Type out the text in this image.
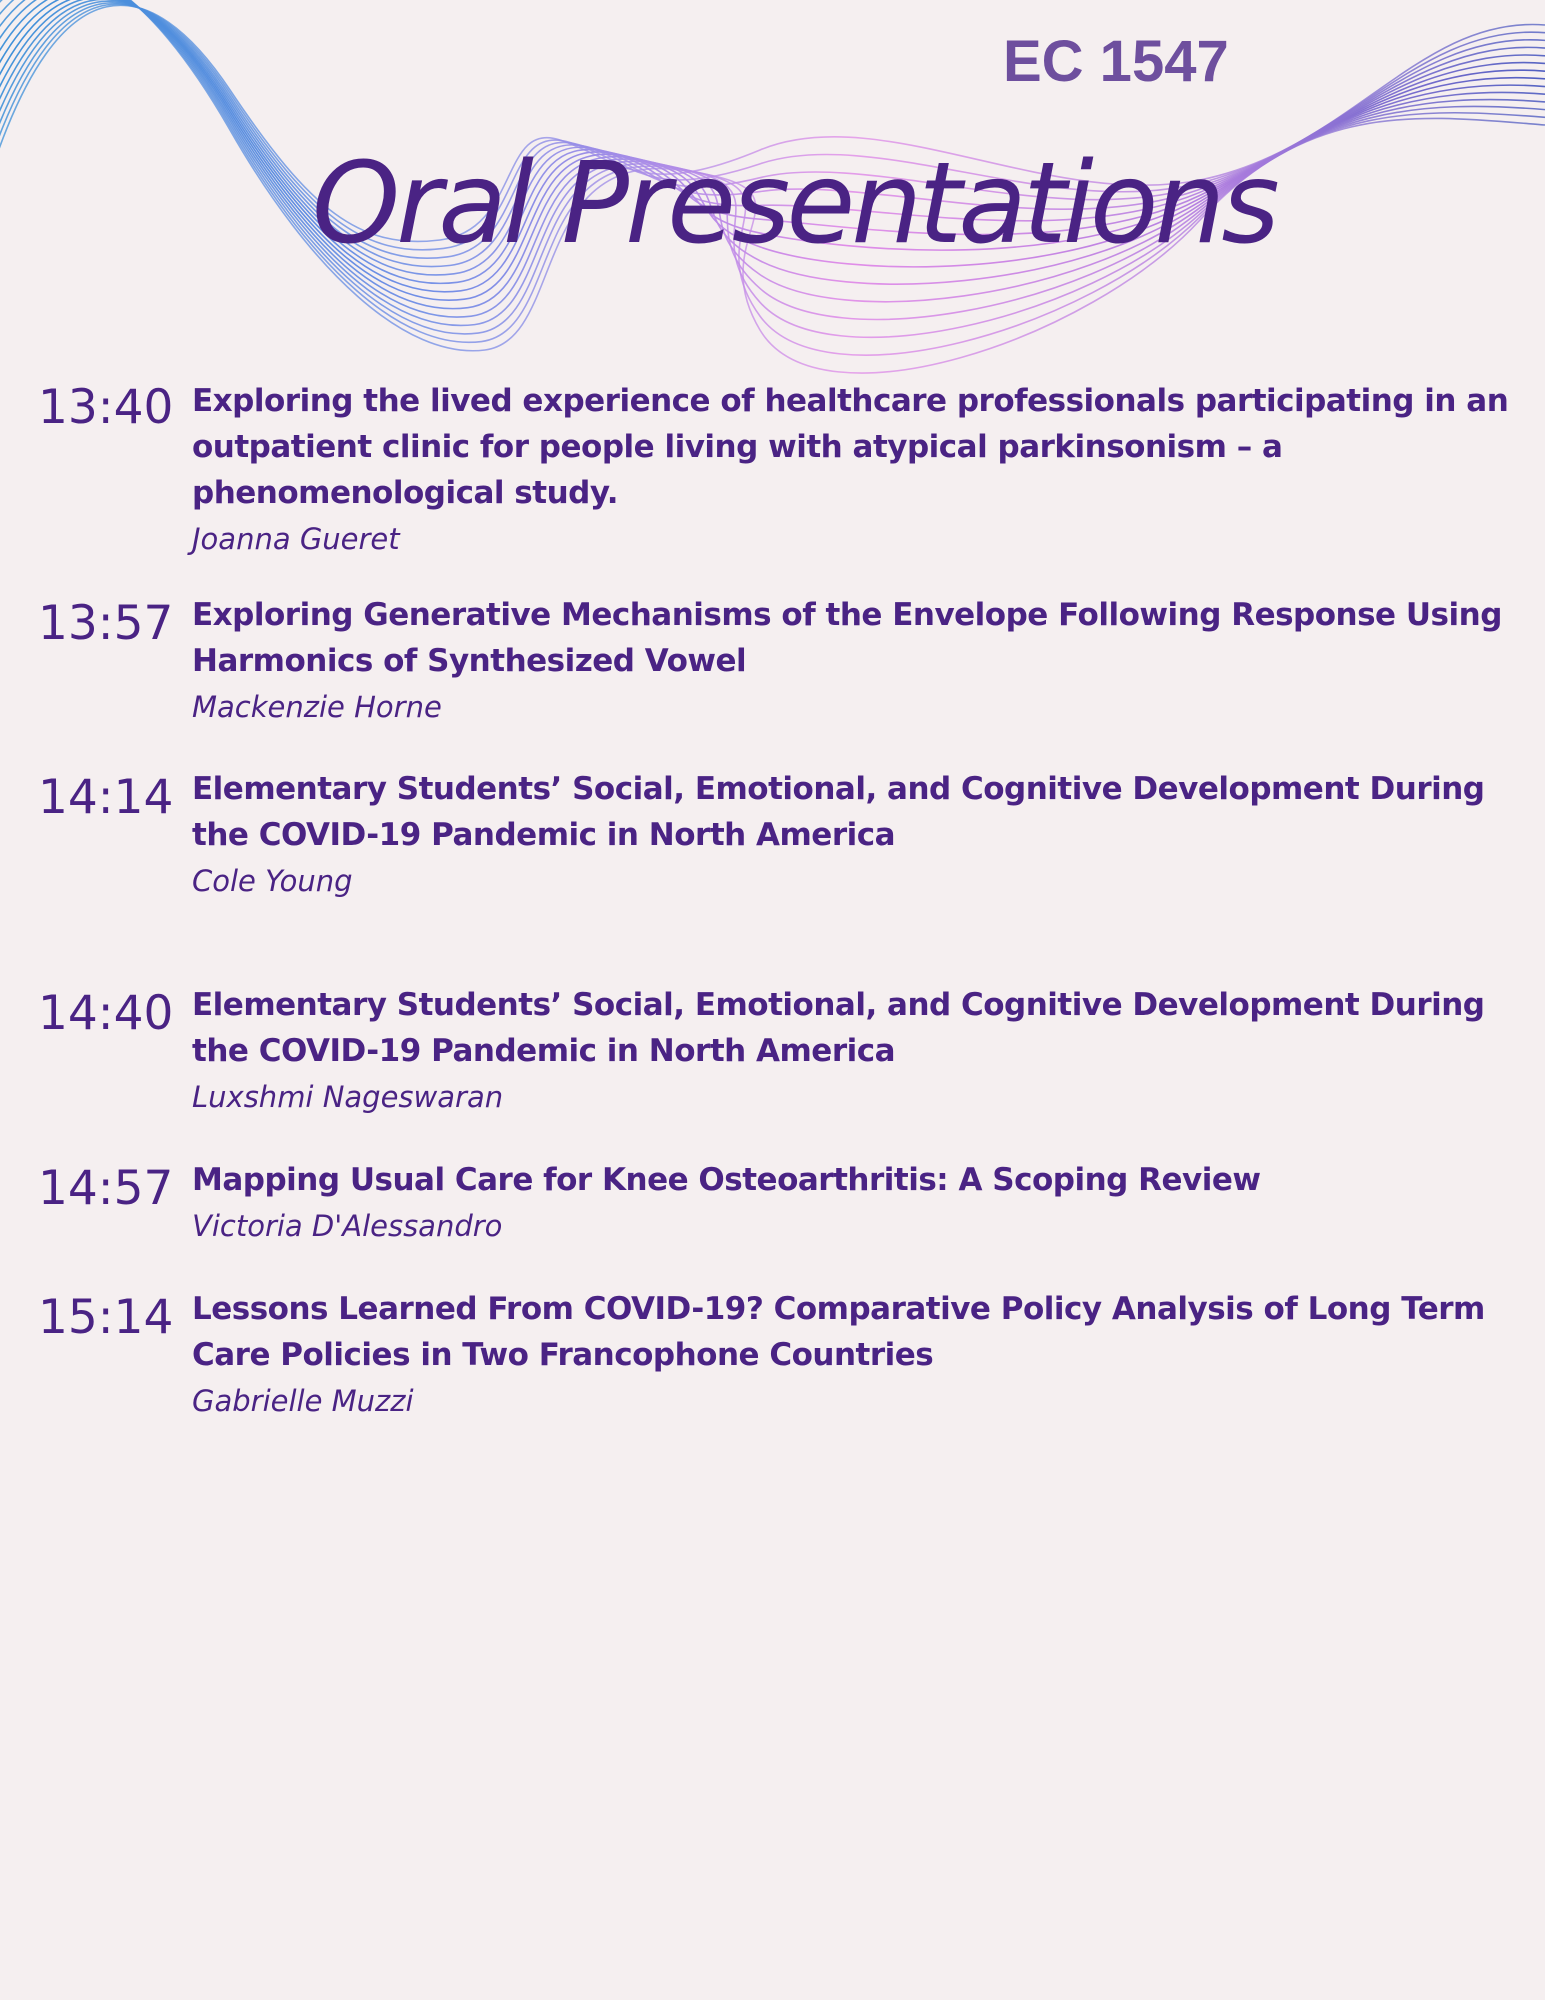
EC 1547
Oral Presentations
13:40 Exploring the lived experience of healthcare professionals participating in an outpatient clinic for people living with atypical parkinsonism – a phenomenological study.

Joanna Gueret

13:57 Exploring Generative Mechanisms of the Envelope Following Response Using Harmonics of Synthesized Vowel

Mackenzie Horne

14:14 Elementary Students’ Social, Emotional, and Cognitive Development During the COVID-19 Pandemic in North America

Cole Young

14:40 Elementary Students’ Social, Emotional, and Cognitive Development During the COVID-19 Pandemic in North America

Luxshmi Nageswaran

14:57 Mapping Usual Care for Knee Osteoarthritis: A Scoping Review

Victoria D'Alessandro

15:14 Lessons Learned From COVID-19? Comparative Policy Analysis of Long Term Care Policies in Two Francophone Countries

Gabrielle Muzzi
